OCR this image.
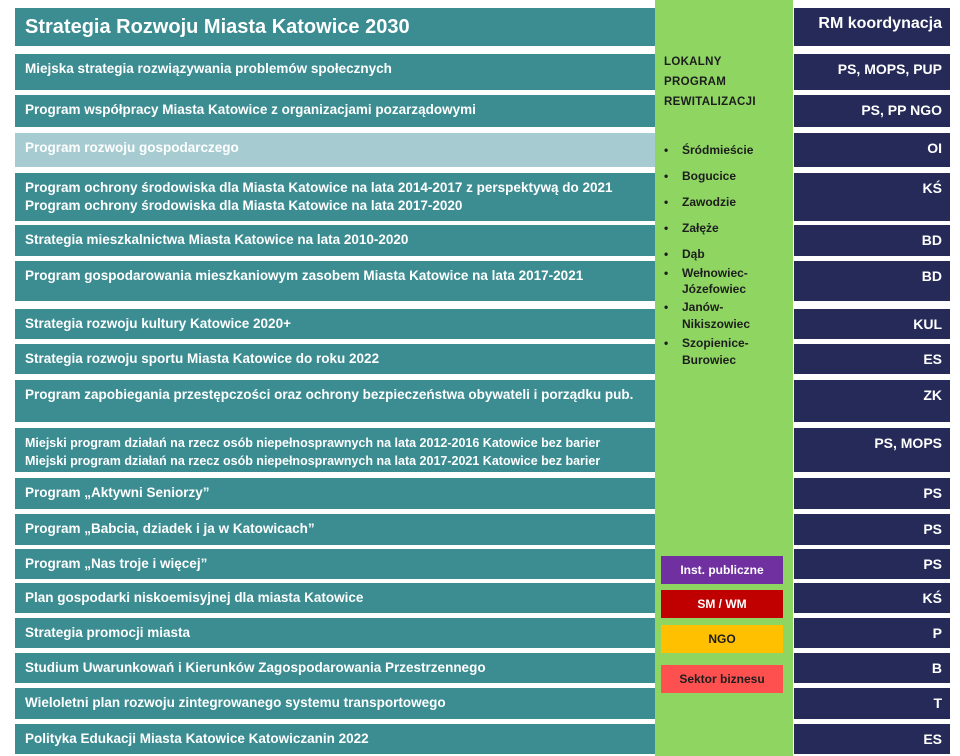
Strategia Rozwoju Miasta Katowice 2030	RM koordynacja
Miejska strategia rozwiązywania problemów społecznych
Program współpracy Miasta Katowice z organizacjami pozarządowymi
Program rozwoju gospodarczego
Program ochrony środowiska dla Miasta Katowice na lata 2014-2017 z perspektywą do 2021
Program ochrony środowiska dla Miasta Katowice na lata 2017-2020
Strategia mieszkalnictwa Miasta Katowice na lata 2010-2020
Program gospodarowania mieszkaniowym zasobem Miasta Katowice na lata 2017-2021
Strategia rozwoju kultury Katowice 2020+
Strategia rozwoju sportu Miasta Katowice do roku 2022
Program zapobiegania przestępczości oraz ochrony bezpieczeństwa obywateli i porządku pub.
Miejski program działań na rzecz osób niepełnosprawnych na lata 2012-2016 Katowice bez barier
Miejski program działań na rzecz osób niepełnosprawnych na lata 2017-2021 Katowice bez barier
Program „Aktywni Seniorzy”
Program „Babcia, dziadek i ja w Katowicach”
Program „Nas troje i więcej”
Plan gospodarki niskoemisyjnej dla miasta Katowice
Strategia promocji miasta
Studium Uwarunkowań i Kierunków Zagospodarowania Przestrzennego
Wieloletni plan rozwoju zintegrowanego systemu transportowego
Polityka Edukacji Miasta Katowice Katowiczanin 2022
PS, MOPS, PUP
PS, PP NGO
OI
KŚ
BD
BD
KUL
ES
ZK
PS, MOPS
PS
PS
PS
KŚ
P
B
T
ES
LOKALNY
PROGRAM
REWITALIZACJI
• Śródmieście
• Bogucice
• Zawodzie
• Załęże
• Dąb
• Wełnowiec-Józefowiec
• Janów-Nikiszowiec
• Szopienice-Burowiec
Inst. publiczne
SM / WM
NGO
Sektor biznesu
